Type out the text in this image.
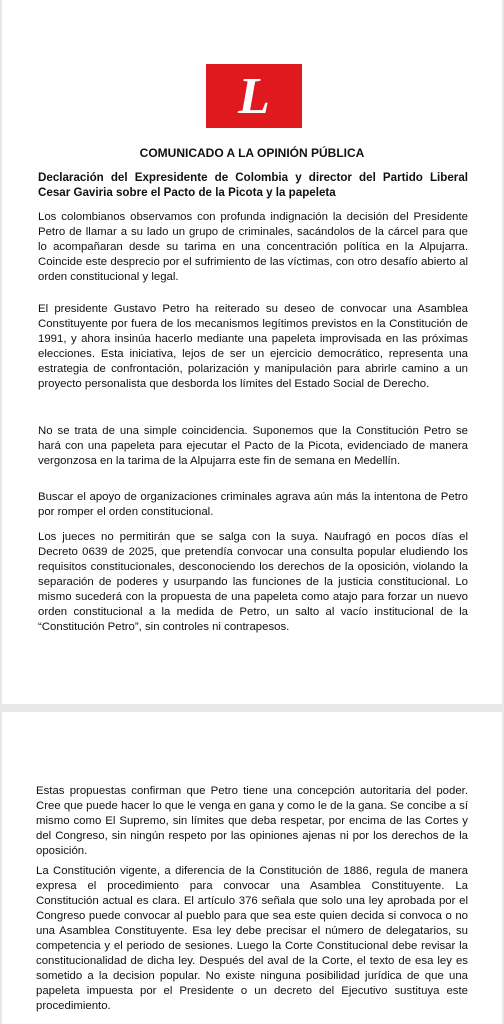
L
COMUNICADO A LA OPINIÓN PÚBLICA
Declaración del Expresidente de Colombia y director del Partido Liberal Cesar Gaviria sobre el Pacto de la Picota y la papeleta
Los colombianos observamos con profunda indignación la decisión del Presidente Petro de llamar a su lado un grupo de criminales, sacándolos de la cárcel para que lo acompañaran desde su tarima en una concentración política en la Alpujarra. Coincide este desprecio por el sufrimiento de las víctimas, con otro desafío abierto al orden constitucional y legal.
El presidente Gustavo Petro ha reiterado su deseo de convocar una Asamblea Constituyente por fuera de los mecanismos legítimos previstos en la Constitución de 1991, y ahora insinúa hacerlo mediante una papeleta improvisada en las próximas elecciones. Esta iniciativa, lejos de ser un ejercicio democrático, representa una estrategia de confrontación, polarización y manipulación para abrirle camino a un proyecto personalista que desborda los límites del Estado Social de Derecho.
No se trata de una simple coincidencia. Suponemos que la Constitución Petro se hará con una papeleta para ejecutar el Pacto de la Picota, evidenciado de manera vergonzosa en la tarima de la Alpujarra este fin de semana en Medellín.
Buscar el apoyo de organizaciones criminales agrava aún más la intentona de Petro por romper el orden constitucional.
Los jueces no permitirán que se salga con la suya. Naufragó en pocos días el Decreto 0639 de 2025, que pretendía convocar una consulta popular eludiendo los requisitos constitucionales, desconociendo los derechos de la oposición, violando la separación de poderes y usurpando las funciones de la justicia constitucional. Lo mismo sucederá con la propuesta de una papeleta como atajo para forzar un nuevo orden constitucional a la medida de Petro, un salto al vacío institucional de la “Constitución Petro”, sin controles ni contrapesos.
Estas propuestas confirman que Petro tiene una concepción autoritaria del poder. Cree que puede hacer lo que le venga en gana y como le de la gana. Se concibe a sí mismo como El Supremo, sin límites que deba respetar, por encima de las Cortes y del Congreso, sin ningún respeto por las opiniones ajenas ni por los derechos de la oposición.
La Constitución vigente, a diferencia de la Constitución de 1886, regula de manera expresa el procedimiento para convocar una Asamblea Constituyente. La Constitución actual es clara. El artículo 376 señala que solo una ley aprobada por el Congreso puede convocar al pueblo para que sea este quien decida si convoca o no una Asamblea Constituyente. Esa ley debe precisar el número de delegatarios, su competencia y el periodo de sesiones. Luego la Corte Constitucional debe revisar la constitucionalidad de dicha ley. Después del aval de la Corte, el texto de esa ley es sometido a la decision popular. No existe ninguna posibilidad jurídica de que una papeleta impuesta por el Presidente o un decreto del Ejecutivo sustituya este procedimiento.
